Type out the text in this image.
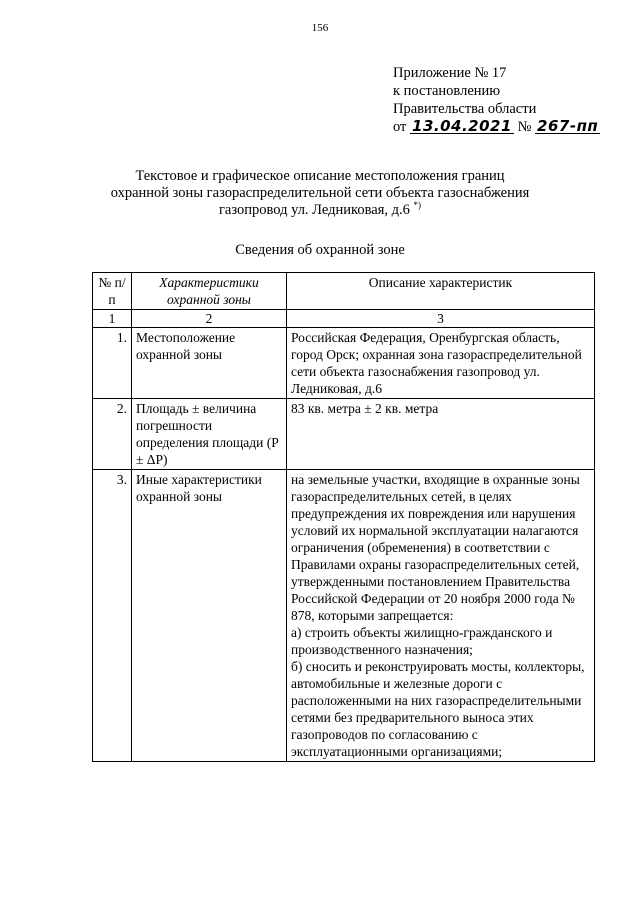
156
Приложение № 17
к постановлению
Правительства области
от 13.04.2021 № 267-пп
Текстовое и графическое описание местоположения границ
охранной зоны газораспределительной сети объекта газоснабжения
газопровод ул. Ледниковая, д.6 *)
Сведения об охранной зоне
№ п/п	Характеристики охранной зоны	Описание характеристик
1	2	3
1.	Местоположение охранной зоны	Российская Федерация, Оренбургская область, город Орск; охранная зона газораспределительной сети объекта газоснабжения газопровод ул. Ледниковая, д.6
2.	Площадь ± величина погрешности определения площади (P ± ΔP)	83 кв. метра ± 2 кв. метра
3.	Иные характеристики охранной зоны	на земельные участки, входящие в охранные зоны газораспределительных сетей, в целях предупреждения их повреждения или нарушения условий их нормальной эксплуатации налагаются ограничения (обременения) в соответствии с Правилами охраны газораспределительных сетей, утвержденными постановлением Правительства Российской Федерации от 20 ноября 2000 года № 878, которыми запрещается:
а) строить объекты жилищно-гражданского и производственного назначения;
б) сносить и реконструировать мосты, коллекторы, автомобильные и железные дороги с расположенными на них газораспределительными сетями без предварительного выноса этих газопроводов по согласованию с эксплуатационными организациями;
